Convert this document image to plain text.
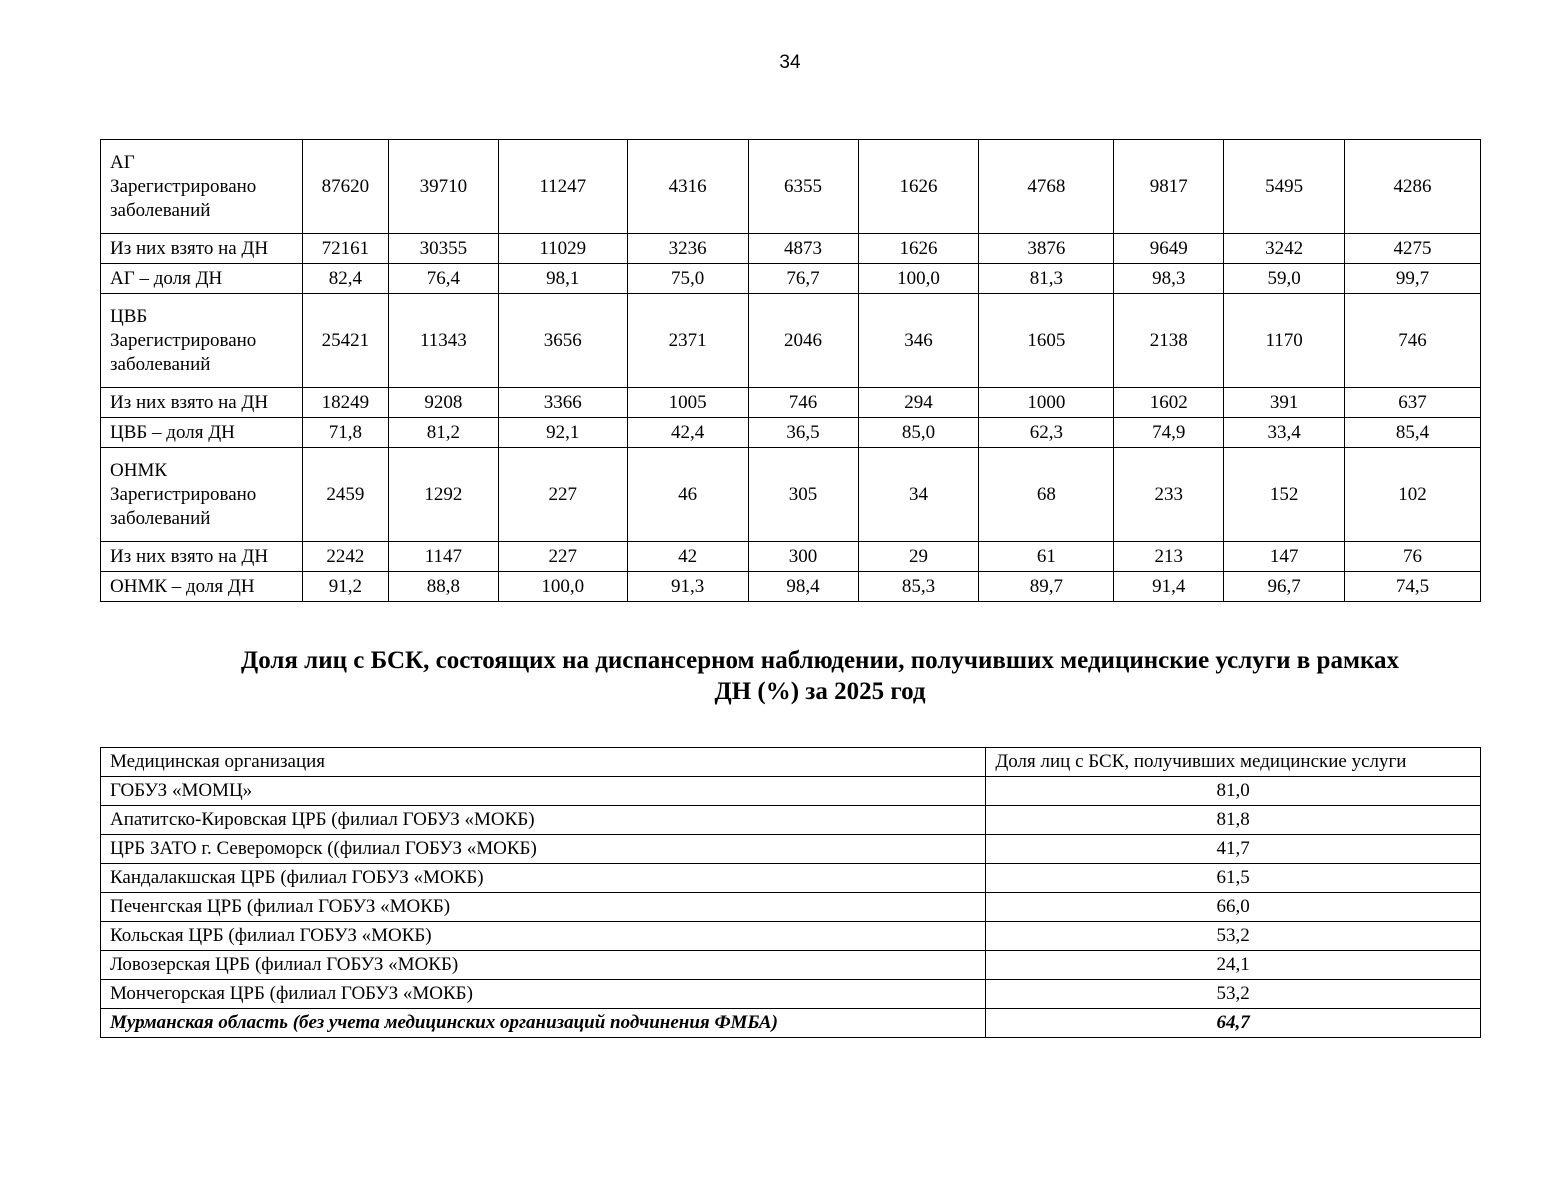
34
АГ
Зарегистрировано
заболеваний	87620	39710	11247	4316	6355	1626	4768	9817	5495	4286

Из них взято на ДН	72161	30355	11029	3236	4873	1626	3876	9649	3242	4275

АГ – доля ДН	82,4	76,4	98,1	75,0	76,7	100,0	81,3	98,3	59,0	99,7

ЦВБ
Зарегистрировано
заболеваний	25421	11343	3656	2371	2046	346	1605	2138	1170	746

Из них взято на ДН	18249	9208	3366	1005	746	294	1000	1602	391	637

ЦВБ – доля ДН	71,8	81,2	92,1	42,4	36,5	85,0	62,3	74,9	33,4	85,4

ОНМК
Зарегистрировано
заболеваний	2459	1292	227	46	305	34	68	233	152	102

Из них взято на ДН	2242	1147	227	42	300	29	61	213	147	76

ОНМК – доля ДН	91,2	88,8	100,0	91,3	98,4	85,3	89,7	91,4	96,7	74,5
Доля лиц с БСК, состоящих на диспансерном наблюдении, получивших медицинские услуги в рамках
ДН (%) за 2025 год
Медицинская организация	Доля лиц с БСК, получивших медицинские услуги
ГОБУЗ «МОМЦ»	81,0
Апатитско-Кировская ЦРБ (филиал ГОБУЗ «МОКБ)	81,8
ЦРБ ЗАТО г. Североморск ((филиал ГОБУЗ «МОКБ)	41,7
Кандалакшская ЦРБ (филиал ГОБУЗ «МОКБ)	61,5
Печенгская ЦРБ (филиал ГОБУЗ «МОКБ)	66,0
Кольская ЦРБ (филиал ГОБУЗ «МОКБ)	53,2
Ловозерская ЦРБ (филиал ГОБУЗ «МОКБ)	24,1
Мончегорская ЦРБ (филиал ГОБУЗ «МОКБ)	53,2
Мурманская область (без учета медицинских организаций подчинения ФМБА)	64,7
